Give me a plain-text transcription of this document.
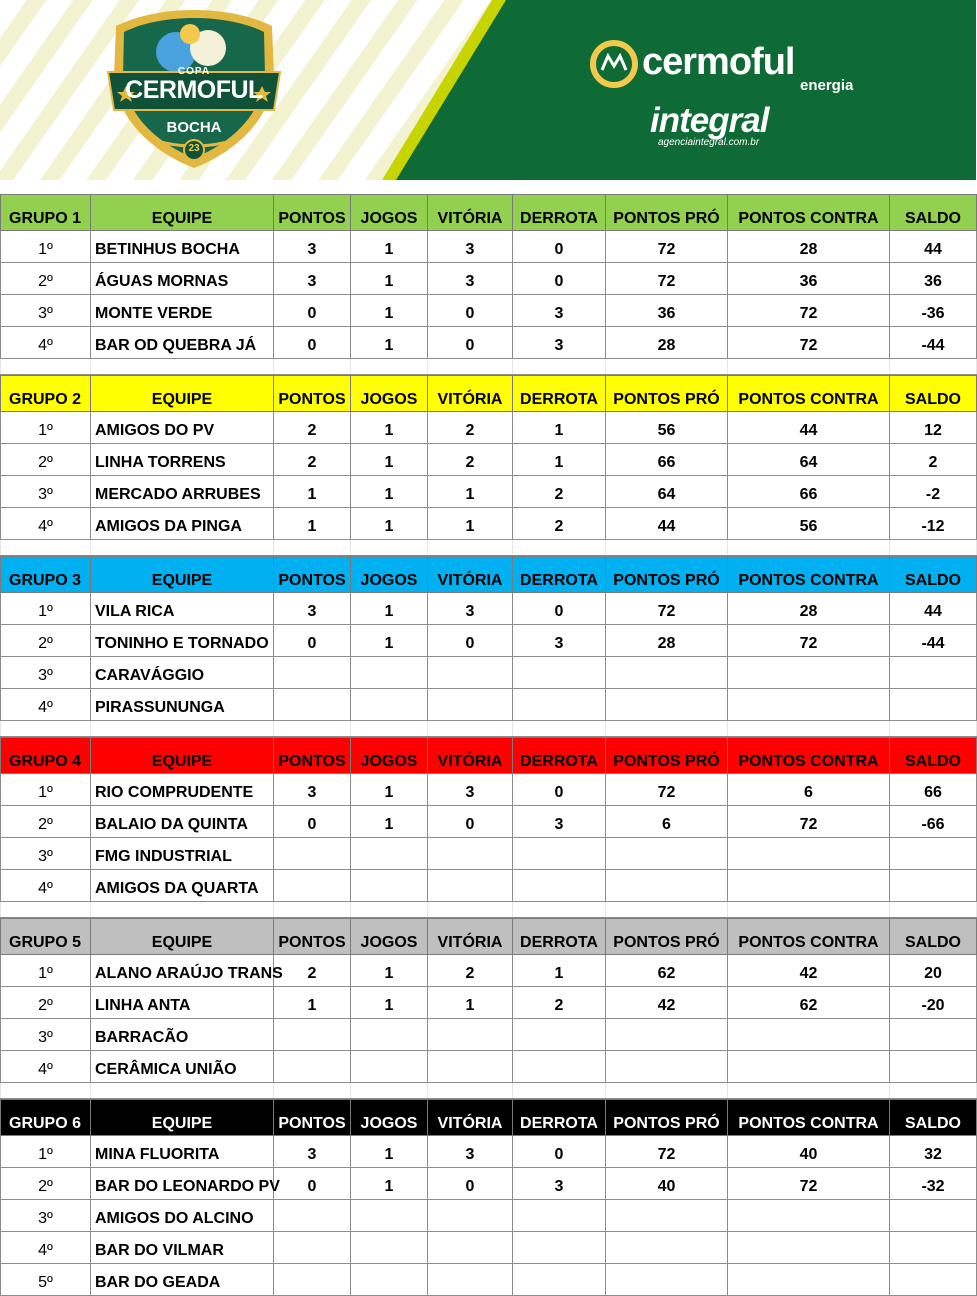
COPA
CERMOFUL
BOCHA
23
cermoful
energia
integral
agenciaintegral.com.br
GRUPO 1	EQUIPE	PONTOS	JOGOS	VITÓRIA	DERROTA	PONTOS PRÓ	PONTOS CONTRA	SALDO
1º	BETINHUS BOCHA	3	1	3	0	72	28	44
2º	ÁGUAS MORNAS	3	1	3	0	72	36	36
3º	MONTE VERDE	0	1	0	3	36	72	-36
4º	BAR OD QUEBRA JÁ	0	1	0	3	28	72	-44

GRUPO 2	EQUIPE	PONTOS	JOGOS	VITÓRIA	DERROTA	PONTOS PRÓ	PONTOS CONTRA	SALDO
1º	AMIGOS DO PV	2	1	2	1	56	44	12
2º	LINHA TORRENS	2	1	2	1	66	64	2
3º	MERCADO ARRUBES	1	1	1	2	64	66	-2
4º	AMIGOS DA PINGA	1	1	1	2	44	56	-12

GRUPO 3	EQUIPE	PONTOS	JOGOS	VITÓRIA	DERROTA	PONTOS PRÓ	PONTOS CONTRA	SALDO
1º	VILA RICA	3	1	3	0	72	28	44
2º	TONINHO E TORNADO	0	1	0	3	28	72	-44
3º	CARAVÁGGIO							
4º	PIRASSUNUNGA							

GRUPO 4	EQUIPE	PONTOS	JOGOS	VITÓRIA	DERROTA	PONTOS PRÓ	PONTOS CONTRA	SALDO
1º	RIO COMPRUDENTE	3	1	3	0	72	6	66
2º	BALAIO DA QUINTA	0	1	0	3	6	72	-66
3º	FMG INDUSTRIAL							
4º	AMIGOS DA QUARTA							

GRUPO 5	EQUIPE	PONTOS	JOGOS	VITÓRIA	DERROTA	PONTOS PRÓ	PONTOS CONTRA	SALDO
1º	ALANO ARAÚJO TRANS	2	1	2	1	62	42	20
2º	LINHA ANTA	1	1	1	2	42	62	-20
3º	BARRACÃO							
4º	CERÂMICA UNIÃO							

GRUPO 6	EQUIPE	PONTOS	JOGOS	VITÓRIA	DERROTA	PONTOS PRÓ	PONTOS CONTRA	SALDO
1º	MINA FLUORITA	3	1	3	0	72	40	32
2º	BAR DO LEONARDO PV	0	1	0	3	40	72	-32
3º	AMIGOS DO ALCINO							
4º	BAR DO VILMAR							
5º	BAR DO GEADA							
